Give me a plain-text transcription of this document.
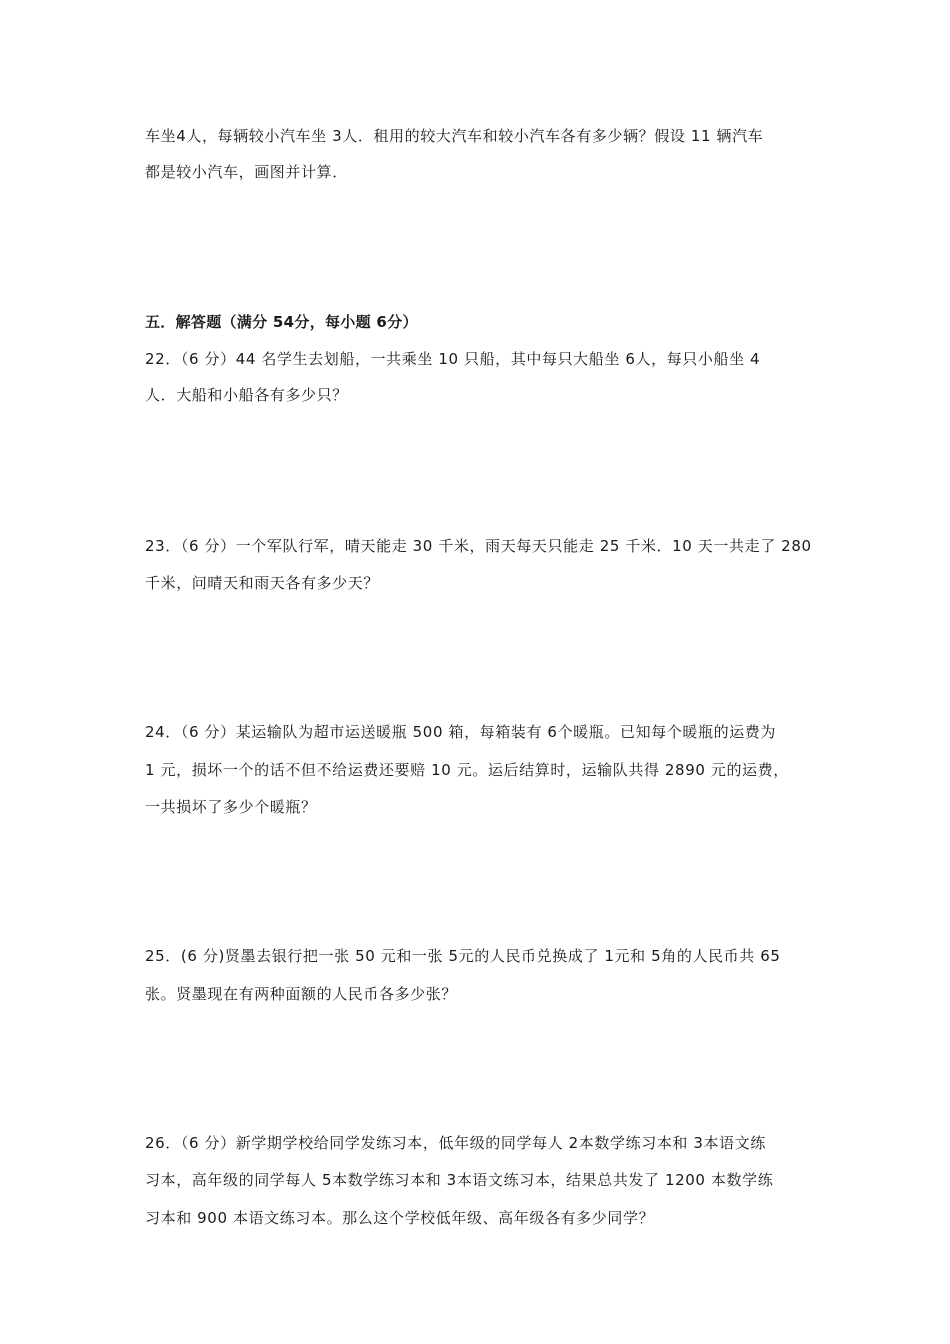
车坐4人，每辆较小汽车坐 3人．租用的较大汽车和较小汽车各有多少辆？假设 11 辆汽车
都是较小汽车，画图并计算．
五．解答题（满分 54分，每小题 6分）
22．（6 分）44 名学生去划船，一共乘坐 10 只船，其中每只大船坐 6人，每只小船坐 4
人．大船和小船各有多少只？
23．（6 分）一个军队行军，晴天能走 30 千米，雨天每天只能走 25 千米．10 天一共走了 280
千米，问晴天和雨天各有多少天？
24．（6 分）某运输队为超市运送暖瓶 500 箱，每箱装有 6个暖瓶。已知每个暖瓶的运费为
1 元，损坏一个的话不但不给运费还要赔 10 元。运后结算时，运输队共得 2890 元的运费，
一共损坏了多少个暖瓶？
25．(6 分)贤墨去银行把一张 50 元和一张 5元的人民币兑换成了 1元和 5角的人民币共 65
张。贤墨现在有两种面额的人民币各多少张？
26．（6 分）新学期学校给同学发练习本，低年级的同学每人 2本数学练习本和 3本语文练
习本，高年级的同学每人 5本数学练习本和 3本语文练习本，结果总共发了 1200 本数学练
习本和 900 本语文练习本。那么这个学校低年级、高年级各有多少同学？
